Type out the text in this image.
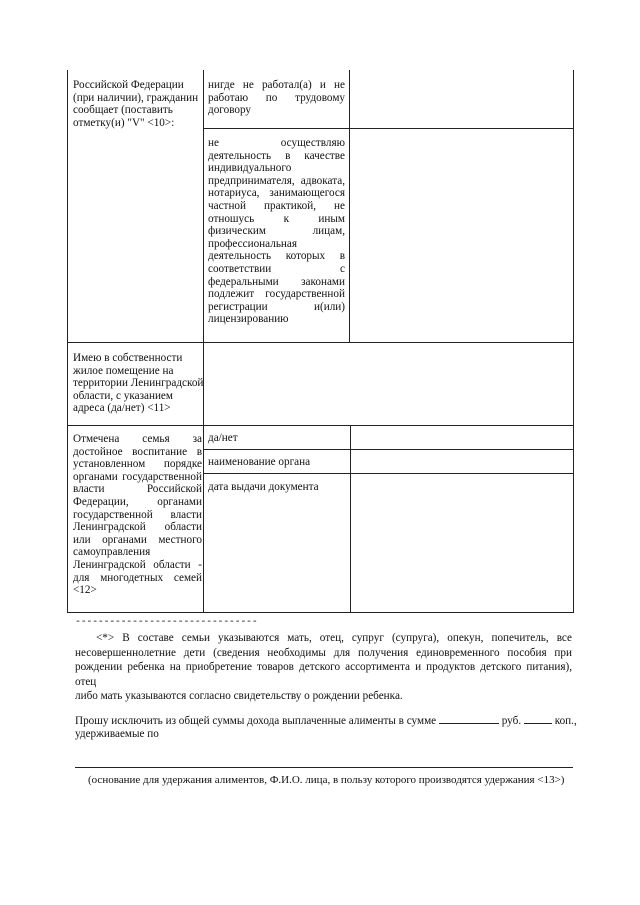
Российской Федерации
(при наличии), гражданин
сообщает (поставить
отметку(и) "V" <10>:
нигде не работал(а) и не
работаю по трудовому
договору
не осуществляю
деятельность в качестве
индивидуального
предпринимателя, адвоката,
нотариуса, занимающегося
частной практикой, не
отношусь к иным
физическим лицам,
профессиональная
деятельность которых в
соответствии с
федеральными законами
подлежит государственной
регистрации и(или)
лицензированию
Имею в собственности
жилое помещение на
территории Ленинградской
области, с указанием
адреса (да/нет) <11>
Отмечена семья за
достойное воспитание в
установленном порядке
органами государственной
власти Российской
Федерации, органами
государственной власти
Ленинградской области
или органами местного
самоуправления
Ленинградской области -
для многодетных семей
<12>
да/нет
наименование органа
дата выдачи документа
--------------------------------
<*> В составе семьи указываются мать, отец, супруг (супруга), опекун, попечитель, все
несовершеннолетние дети (сведения необходимы для получения единовременного пособия при
рождении ребенка на приобретение товаров детского ассортимента и продуктов детского питания), отец
либо мать указываются согласно свидетельству о рождении ребенка.
Прошу исключить из общей суммы дохода выплаченные алименты в сумме	руб.	коп.,
удерживаемые по
(основание для удержания алиментов, Ф.И.О. лица, в пользу которого производятся удержания <13>)
